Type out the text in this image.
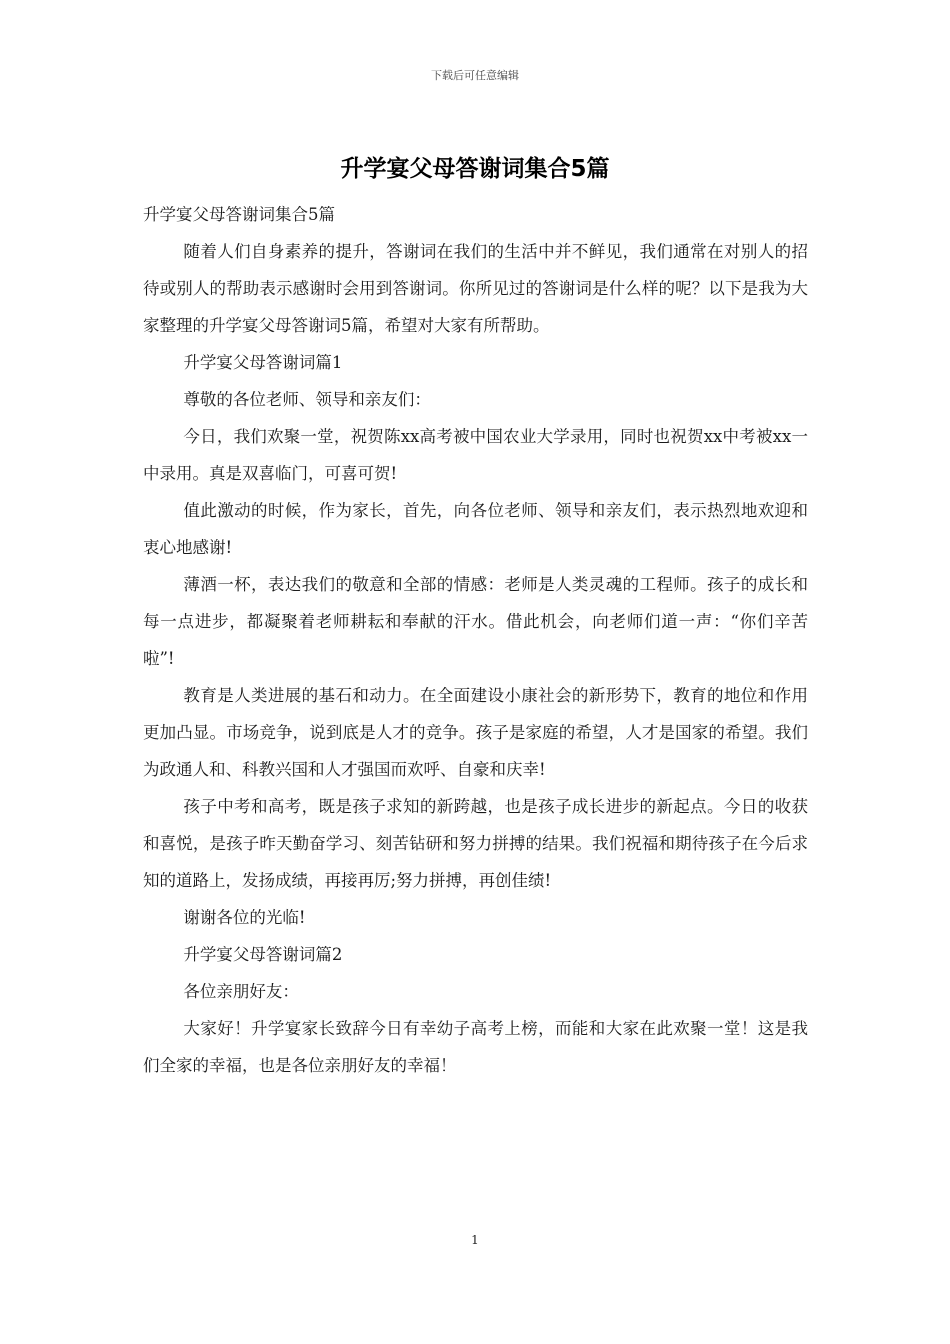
下载后可任意编辑
升学宴父母答谢词集合5篇

升学宴父母答谢词集合5篇

随着人们自身素养的提升，答谢词在我们的生活中并不鲜见，我们通常在对别人的招待或别人的帮助表示感谢时会用到答谢词。你所见过的答谢词是什么样的呢？以下是我为大家整理的升学宴父母答谢词5篇，希望对大家有所帮助。

升学宴父母答谢词篇1

尊敬的各位老师、领导和亲友们：

今日，我们欢聚一堂，祝贺陈xx高考被中国农业大学录用，同时也祝贺xx中考被xx一中录用。真是双喜临门，可喜可贺!

值此激动的时候，作为家长，首先，向各位老师、领导和亲友们，表示热烈地欢迎和衷心地感谢!

薄酒一杯，表达我们的敬意和全部的情感：老师是人类灵魂的工程师。孩子的成长和每一点进步，都凝聚着老师耕耘和奉献的汗水。借此机会，向老师们道一声：“你们辛苦啦”!

教育是人类进展的基石和动力。在全面建设小康社会的新形势下，教育的地位和作用更加凸显。市场竞争，说到底是人才的竞争。孩子是家庭的希望，人才是国家的希望。我们为政通人和、科教兴国和人才强国而欢呼、自豪和庆幸!

孩子中考和高考，既是孩子求知的新跨越，也是孩子成长进步的新起点。今日的收获和喜悦，是孩子昨天勤奋学习、刻苦钻研和努力拼搏的结果。我们祝福和期待孩子在今后求知的道路上，发扬成绩，再接再厉;努力拼搏，再创佳绩!

谢谢各位的光临!

升学宴父母答谢词篇2

各位亲朋好友：

大家好！升学宴家长致辞今日有幸幼子高考上榜，而能和大家在此欢聚一堂！这是我们全家的幸福，也是各位亲朋好友的幸福！

1
